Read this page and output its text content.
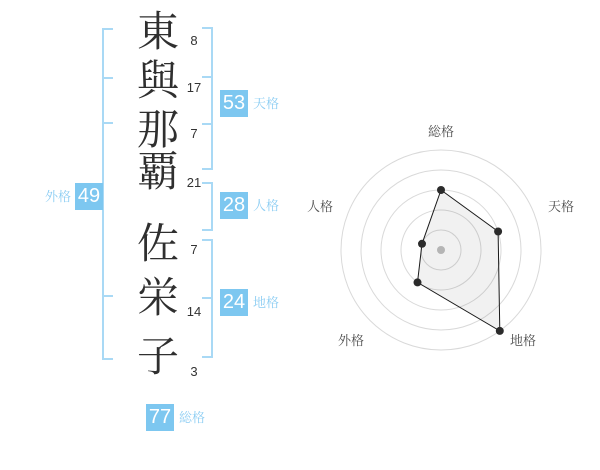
東
與
那
覇
佐
栄
子
8
17
7
21
7
14
3
53 天格
28 人格
24 地格
外格 49
77 総格
総格
天格
地格
外格
人格
